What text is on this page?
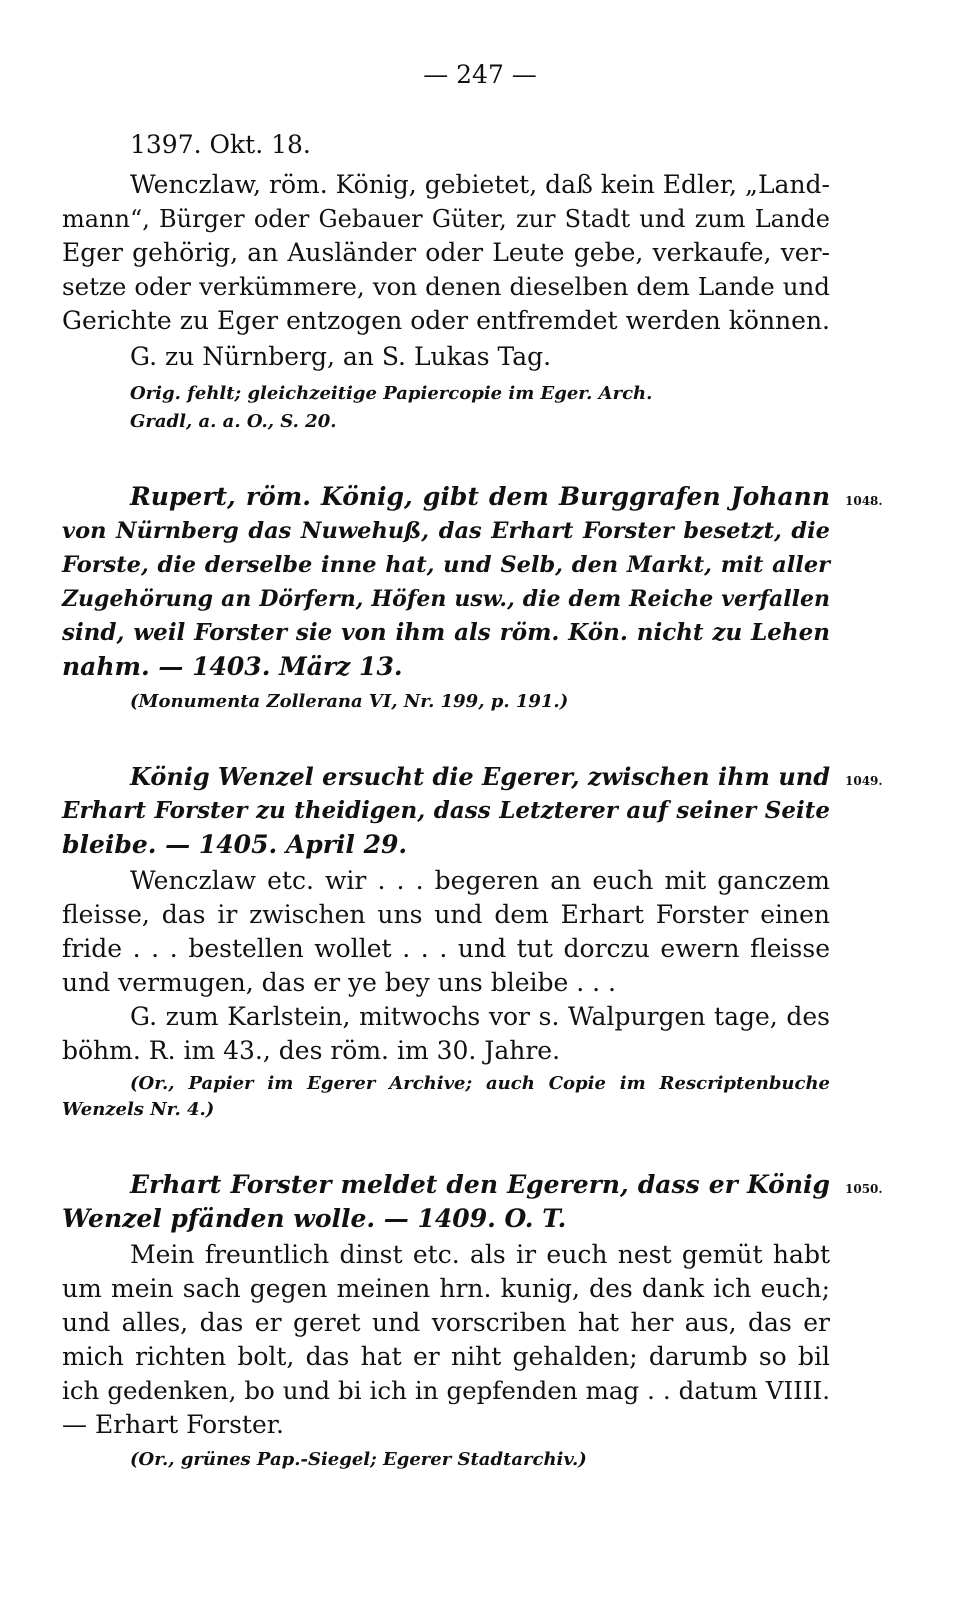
— 247 —
1397. Okt. 18.
Wenczlaw, röm. König, gebietet, daß kein Edler, „Land-
mann“, Bürger oder Gebauer Güter, zur Stadt und zum Lande
Eger gehörig, an Ausländer oder Leute gebe, verkaufe, ver-
setze oder verkümmere, von denen dieselben dem Lande und
Gerichte zu Eger entzogen oder entfremdet werden können.
G. zu Nürnberg, an S. Lukas Tag.
Orig. fehlt; gleichzeitige Papiercopie im Eger. Arch.
Gradl, a. a. O., S. 20.
Rupert, röm. König, gibt dem Burggrafen Johann 1048.
von Nürnberg das Nuwehuß, das Erhart Forster besetzt, die
Forste, die derselbe inne hat, und Selb, den Markt, mit aller
Zugehörung an Dörfern, Höfen usw., die dem Reiche verfallen
sind, weil Forster sie von ihm als röm. Kön. nicht zu Lehen
nahm. — 1403. März 13.
(Monumenta Zollerana VI, Nr. 199, p. 191.)
König Wenzel ersucht die Egerer, zwischen ihm und 1049.
Erhart Forster zu theidigen, dass Letzterer auf seiner Seite
bleibe. — 1405. April 29.
Wenczlaw etc. wir . . . begeren an euch mit ganczem
fleisse, das ir zwischen uns und dem Erhart Forster einen
fride . . . bestellen wollet . . . und tut dorczu ewern fleisse
und vermugen, das er ye bey uns bleibe . . .
G. zum Karlstein, mitwochs vor s. Walpurgen tage, des
böhm. R. im 43., des röm. im 30. Jahre.
(Or., Papier im Egerer Archive; auch Copie im Rescriptenbuche
Wenzels Nr. 4.)
Erhart Forster meldet den Egerern, dass er König 1050.
Wenzel pfänden wolle. — 1409. O. T.
Mein freuntlich dinst etc. als ir euch nest gemüt habt
um mein sach gegen meinen hrn. kunig, des dank ich euch;
und alles, das er geret und vorscriben hat her aus, das er
mich richten bolt, das hat er niht gehalden; darumb so bil
ich gedenken, bo und bi ich in gepfenden mag . . datum VIIII.
— Erhart Forster.
(Or., grünes Pap.-Siegel; Egerer Stadtarchiv.)
